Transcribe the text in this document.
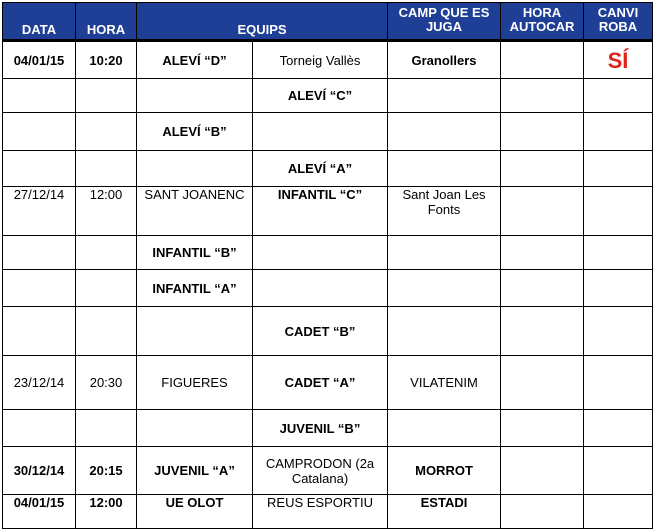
DATA	HORA	EQUIPS		CAMP QUE ES JUGA	HORA AUTOCAR	CANVI ROBA
04/01/15	10:20	ALEVÍ “D”	Torneig Vallès	Granollers		SÍ
			ALEVÍ “C”			
		ALEVÍ “B”				
			ALEVÍ “A”			
27/12/14	12:00	SANT JOANENC	INFANTIL “C”	Sant Joan Les Fonts		
		INFANTIL “B”				
		INFANTIL “A”				
			CADET “B”			
23/12/14	20:30	FIGUERES	CADET “A”	VILATENIM		
			JUVENIL “B”			
30/12/14	20:15	JUVENIL “A”	CAMPRODON (2a Catalana)	MORROT		
04/01/15	12:00	UE OLOT	REUS ESPORTIU	ESTADI		
